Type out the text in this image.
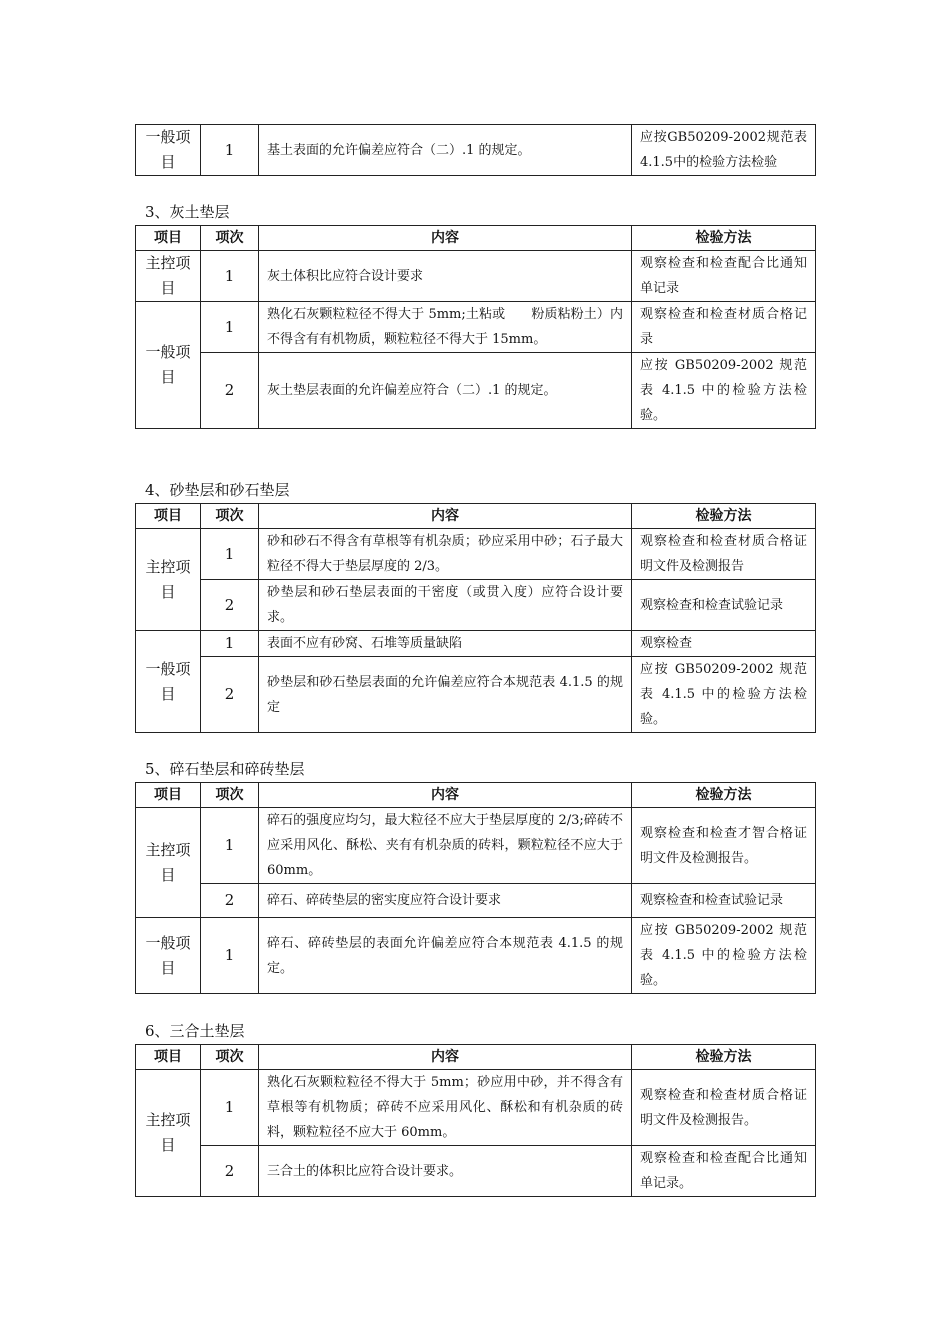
一般项目	1	基土表面的允许偏差应符合（二）.1 的规定。	应按GB50209-2002规范表4.1.5中的检验方法检验
3、灰土垫层
项目	项次	内容	检验方法
主控项目	1	灰土体积比应符合设计要求	观察检查和检查配合比通知单记录
一般项目	1	熟化石灰颗粒粒径不得大于 5mm;土粘或　　粉质粘粉土）内不得含有有机物质，颗粒粒径不得大于 15mm。	观察检查和检查材质合格记录
	2	灰土垫层表面的允许偏差应符合（二）.1 的规定。	应按 GB50209-2002 规范表 4.1.5 中的检验方法检验。
4、砂垫层和砂石垫层
项目	项次	内容	检验方法
主控项目	1	砂和砂石不得含有草根等有机杂质；砂应采用中砂；石子最大粒径不得大于垫层厚度的 2/3。	观察检查和检查材质合格证明文件及检测报告
	2	砂垫层和砂石垫层表面的干密度（或贯入度）应符合设计要求。	观察检查和检查试验记录
一般项目	1	表面不应有砂窝、石堆等质量缺陷	观察检查
	2	砂垫层和砂石垫层表面的允许偏差应符合本规范表 4.1.5 的规定	应按 GB50209-2002 规范表 4.1.5 中的检验方法检验。
5、碎石垫层和碎砖垫层
项目	项次	内容	检验方法
主控项目	1	碎石的强度应均匀，最大粒径不应大于垫层厚度的 2/3;碎砖不应采用风化、酥松、夹有有机杂质的砖料，颗粒粒径不应大于 60mm。	观察检查和检查才智合格证明文件及检测报告。
	2	碎石、碎砖垫层的密实度应符合设计要求	观察检查和检查试验记录
一般项目	1	碎石、碎砖垫层的表面允许偏差应符合本规范表 4.1.5 的规定。	应按 GB50209-2002 规范表 4.1.5 中的检验方法检验。
6、三合土垫层
项目	项次	内容	检验方法
主控项目	1	熟化石灰颗粒粒径不得大于 5mm；砂应用中砂，并不得含有草根等有机物质；碎砖不应采用风化、酥松和有机杂质的砖料，颗粒粒径不应大于 60mm。	观察检查和检查材质合格证明文件及检测报告。
	2	三合土的体积比应符合设计要求。	观察检查和检查配合比通知单记录。
